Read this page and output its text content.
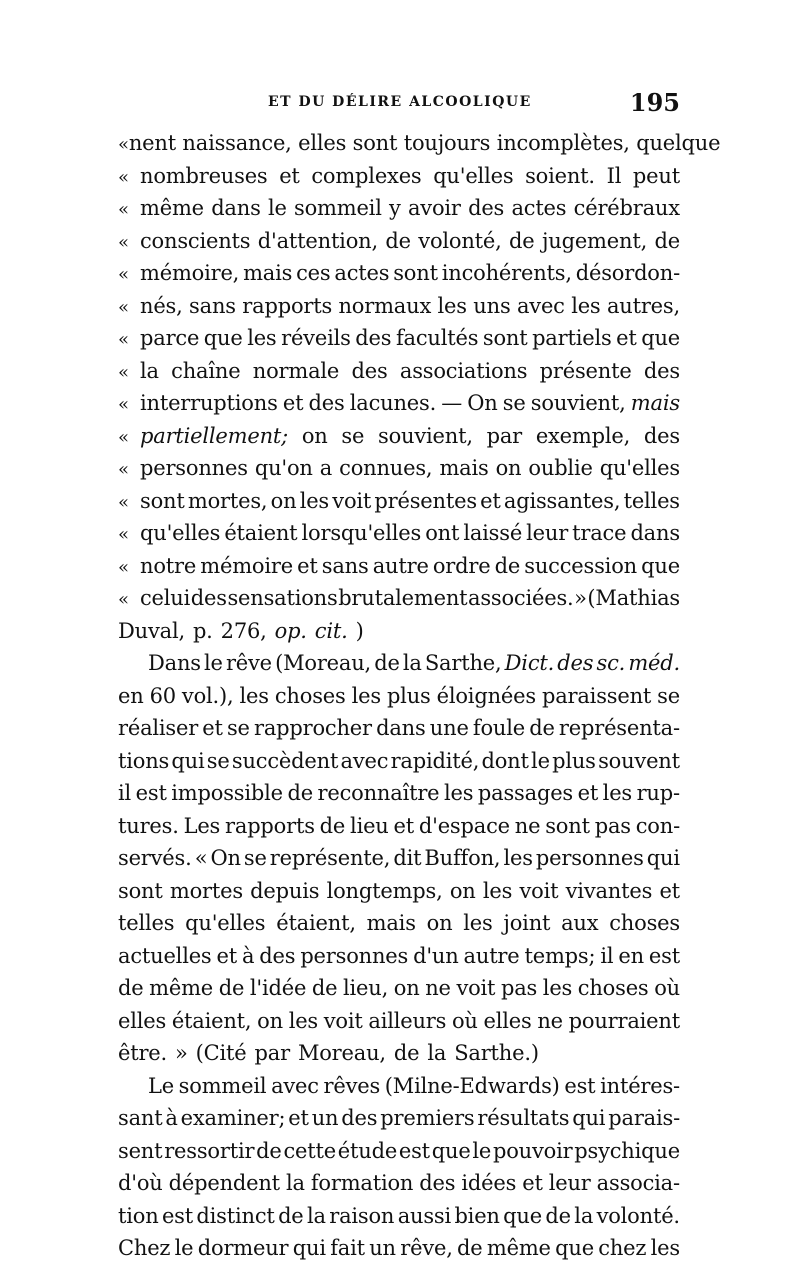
ET DU DÉLIRE ALCOOLIQUE	195
« nent naissance, elles sont toujours incomplètes, quelque
« nombreuses et complexes qu'elles soient. Il peut
« même dans le sommeil y avoir des actes cérébraux
« conscients d'attention, de volonté, de jugement, de
« mémoire, mais ces actes sont incohérents, désordon-
« nés, sans rapports normaux les uns avec les autres,
« parce que les réveils des facultés sont partiels et que
« la chaîne normale des associations présente des
« interruptions et des lacunes. — On se souvient, mais
« partiellement; on se souvient, par exemple, des
« personnes qu'on a connues, mais on oublie qu'elles
« sont mortes, on les voit présentes et agissantes, telles
« qu'elles étaient lorsqu'elles ont laissé leur trace dans
« notre mémoire et sans autre ordre de succession que
« celui des sensations brutalement associées. » (Mathias
Duval, p. 276, op. cit. )
Dans le rêve (Moreau, de la Sarthe, Dict. des sc. méd.
en 60 vol.), les choses les plus éloignées paraissent se
réaliser et se rapprocher dans une foule de représenta-
tions qui se succèdent avec rapidité, dont le plus souvent
il est impossible de reconnaître les passages et les rup-
tures. Les rapports de lieu et d'espace ne sont pas con-
servés. « On se représente, dit Buffon, les personnes qui
sont mortes depuis longtemps, on les voit vivantes et
telles qu'elles étaient, mais on les joint aux choses
actuelles et à des personnes d'un autre temps; il en est
de même de l'idée de lieu, on ne voit pas les choses où
elles étaient, on les voit ailleurs où elles ne pourraient
être. » (Cité par Moreau, de la Sarthe.)
Le sommeil avec rêves (Milne-Edwards) est intéres-
sant à examiner; et un des premiers résultats qui parais-
sent ressortir de cette étude est que le pouvoir psychique
d'où dépendent la formation des idées et leur associa-
tion est distinct de la raison aussi bien que de la volonté.
Chez le dormeur qui fait un rêve, de même que chez les
